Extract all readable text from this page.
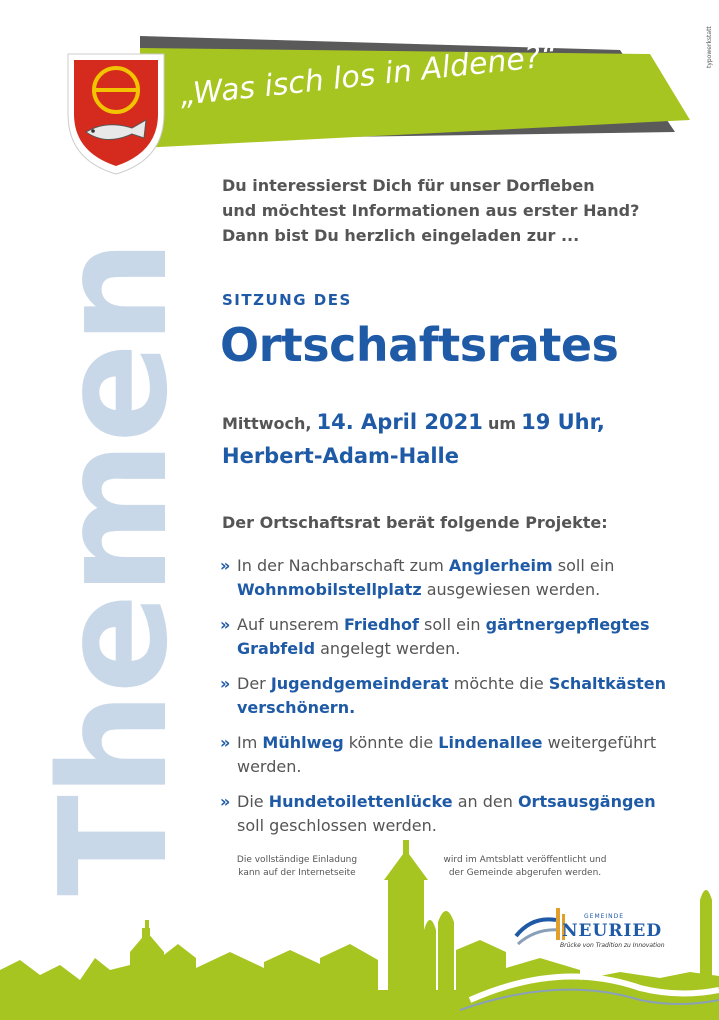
„Was isch los in Aldene?“	typowerkstatt
Themen
Du interessierst Dich für unser Dorfleben
und möchtest Informationen aus erster Hand?
Dann bist Du herzlich eingeladen zur ...
SITZUNG DES
Ortschaftsrates
Mittwoch, 14. April 2021 um 19 Uhr,
Herbert-Adam-Halle
Der Ortschaftsrat berät folgende Projekte:
» In der Nachbarschaft zum Anglerheim soll ein
Wohnmobilstellplatz ausgewiesen werden.
» Auf unserem Friedhof soll ein gärtnergepflegtes Grabfeld angelegt werden.
» Der Jugendgemeinderat möchte die Schaltkästen verschönern.
» Im Mühlweg könnte die Lindenallee weitergeführt werden.
» Die Hundetoilettenlücke an den Ortsausgängen
soll geschlossen werden.
Die vollständige Einladung
kann auf der Internetseite
wird im Amtsblatt veröffentlicht und
der Gemeinde abgerufen werden.
GEMEINDE
NEURIED
Brücke von Tradition zu Innovation
